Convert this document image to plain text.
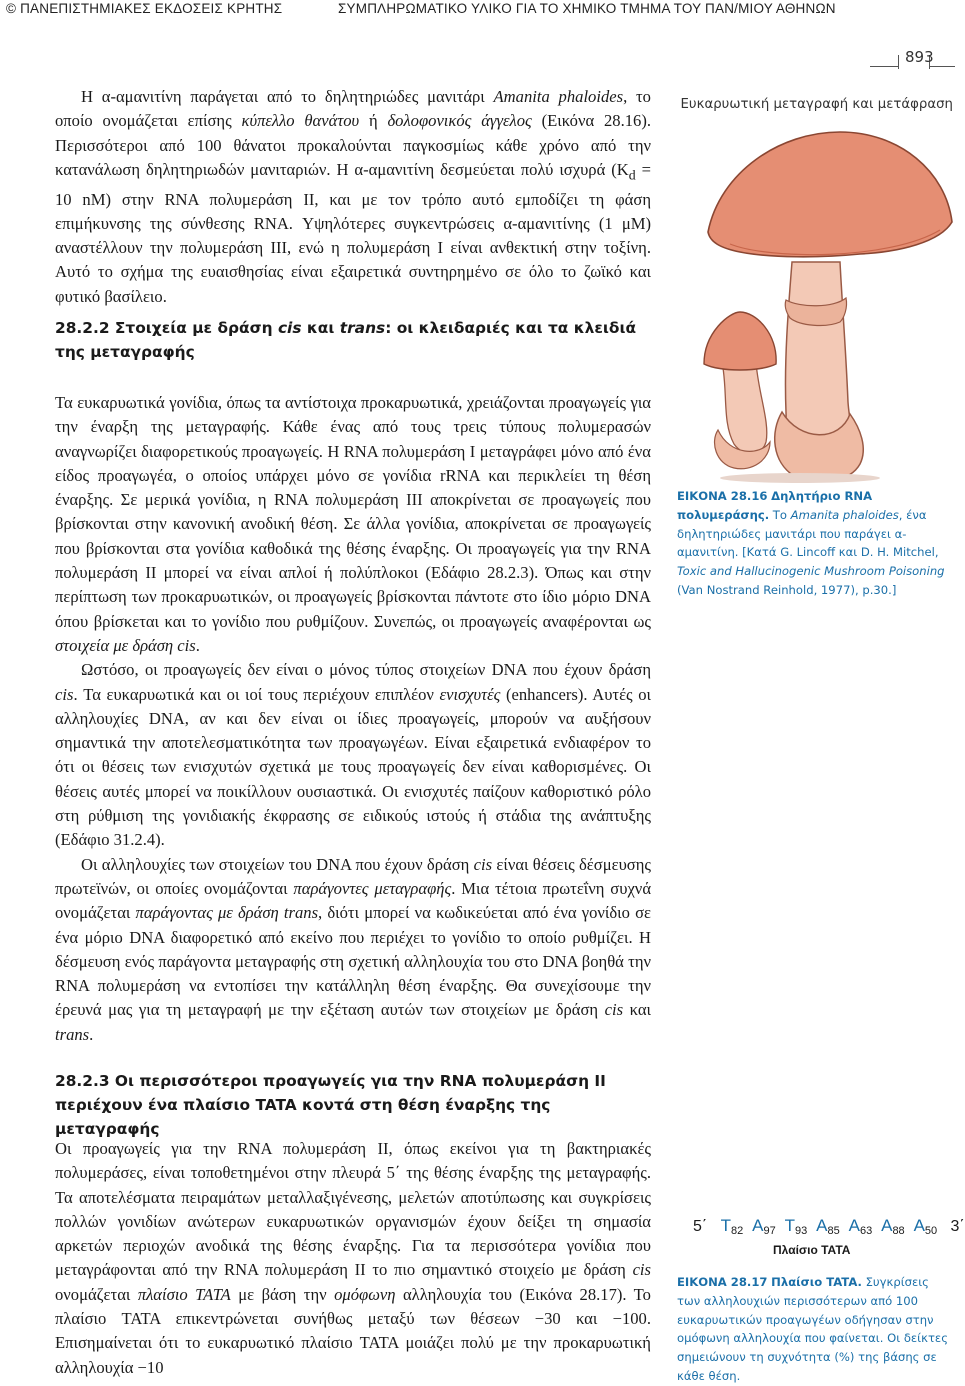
© ΠΑΝΕΠΙΣΤΗΜΙΑΚΕΣ ΕΚΔΟΣΕΙΣ ΚΡΗΤΗΣ	ΣΥΜΠΛΗΡΩΜΑΤΙΚΟ ΥΛΙΚΟ ΓΙΑ ΤΟ ΧΗΜΙΚΟ ΤΜΗΜΑ ΤΟΥ ΠΑΝ/ΜΙΟΥ ΑΘΗΝΩΝ
893
Ευκαρυωτική μεταγραφή και μετάφραση

Η α-αμανιτίνη παράγεται από το δηλητηριώδες μανιτάρι Amanita phaloides, το οποίο ονομάζεται επίσης κύπελλο θανάτου ή δολοφονικός άγγελος (Εικόνα 28.16). Περισσότεροι από 100 θάνατοι προκαλούνται παγκοσμίως κάθε χρόνο από την κατανάλωση δηλητηριωδών μανιταριών. Η α-αμανιτίνη δεσμεύεται πολύ ισχυρά ($K_d = 10$ nM) στην RNA πολυμεράση II, και με τον τρόπο αυτό εμποδίζει τη φάση επιμήκυνσης της σύνθεσης RNA. Υψηλότερες συγκεντρώσεις α-αμανιτίνης (1 μM) αναστέλλουν την πολυμεράση III, ενώ η πολυμεράση I είναι ανθεκτική στην τοξίνη. Αυτό το σχήμα της ευαισθησίας είναι εξαιρετικά συντηρημένο σε όλο το ζωϊκό και φυτικό βασίλειο.

28.2.2 Στοιχεία με δράση cis και trans: οι κλειδαριές και τα κλειδιά της μεταγραφής

Τα ευκαρυωτικά γονίδια, όπως τα αντίστοιχα προκαρυωτικά, χρειάζονται προαγωγείς για την έναρξη της μεταγραφής. Κάθε ένας από τους τρεις τύπους πολυμερασών αναγνωρίζει διαφορετικούς προαγωγείς. Η RNA πολυμεράση I μεταγράφει μόνο από ένα είδος προαγωγέα, ο οποίος υπάρχει μόνο σε γονίδια rRNA και περικλείει τη θέση έναρξης. Σε μερικά γονίδια, η RNA πολυμεράση III αποκρίνεται σε προαγωγείς που βρίσκονται στην κανονική ανοδική θέση. Σε άλλα γονίδια, αποκρίνεται σε προαγωγείς που βρίσκονται στα γονίδια καθοδικά της θέσης έναρξης. Οι προαγωγείς για την RNA πολυμεράση II μπορεί να είναι απλοί ή πολύπλοκοι (Εδάφιο 28.2.3). Όπως και στην περίπτωση των προκαρυωτικών, οι προαγωγείς βρίσκονται πάντοτε στο ίδιο μόριο DNA όπου βρίσκεται και το γονίδιο που ρυθμίζουν. Συνεπώς, οι προαγωγείς αναφέρονται ως στοιχεία με δράση cis.

Ωστόσο, οι προαγωγείς δεν είναι ο μόνος τύπος στοιχείων DNA που έχουν δράση cis. Τα ευκαρυωτικά και οι ιοί τους περιέχουν επιπλέον ενισχυτές (enhancers). Αυτές οι αλληλουχίες DNA, αν και δεν είναι οι ίδιες προαγωγείς, μπορούν να αυξήσουν σημαντικά την αποτελεσματικότητα των προαγωγέων. Είναι εξαιρετικά ενδιαφέρον το ότι οι θέσεις των ενισχυτών σχετικά με τους προαγωγείς δεν είναι καθορισμένες. Οι θέσεις αυτές μπορεί να ποικίλλουν ουσιαστικά. Οι ενισχυτές παίζουν καθοριστικό ρόλο στη ρύθμιση της γονιδιακής έκφρασης σε ειδικούς ιστούς ή στάδια της ανάπτυξης (Εδάφιο 31.2.4).

Οι αλληλουχίες των στοιχείων του DNA που έχουν δράση cis είναι θέσεις δέσμευσης πρωτεϊνών, οι οποίες ονομάζονται παράγοντες μεταγραφής. Μια τέτοια πρωτεΐνη συχνά ονομάζεται παράγοντας με δράση trans, διότι μπορεί να κωδικεύεται από ένα γονίδιο σε ένα μόριο DNA διαφορετικό από εκείνο που περιέχει το γονίδιο το οποίο ρυθμίζει. Η δέσμευση ενός παράγοντα μεταγραφής στη σχετική αλληλουχία του στο DNA βοηθά την RNA πολυμεράση να εντοπίσει την κατάλληλη θέση έναρξης. Θα συνεχίσουμε την έρευνά μας για τη μεταγραφή με την εξέταση αυτών των στοιχείων με δράση cis και trans.

28.2.3 Οι περισσότεροι προαγωγείς για την RNA πολυμεράση II περιέχουν ένα πλαίσιο TATA κοντά στη θέση έναρξης της μεταγραφής

Οι προαγωγείς για την RNA πολυμεράση II, όπως εκείνοι για τη βακτηριακές πολυμεράσες, είναι τοποθετημένοι στην πλευρά 5΄ της θέσης έναρξης της μεταγραφής. Τα αποτελέσματα πειραμάτων μεταλλαξιγένεσης, μελετών αποτύπωσης και συγκρίσεις πολλών γονιδίων ανώτερων ευκαρυωτικών οργανισμών έχουν δείξει τη σημασία αρκετών περιοχών ανοδικά της θέσης έναρξης. Για τα περισσότερα γονίδια που μεταγράφονται από την RNA πολυμεράση II το πιο σημαντικό στοιχείο με δράση cis ονομάζεται πλαίσιο TATA με βάση την ομόφωνη αλληλουχία του (Εικόνα 28.17). Το πλαίσιο TATA επικεντρώνεται συνήθως μεταξύ των θέσεων −30 και −100. Επισημαίνεται ότι το ευκαρυωτικό πλαίσιο TATA μοιάζει πολύ με την προκαρυωτική αλληλουχία −10

ΕΙΚΟΝΑ 28.16 Δηλητήριο RNA πολυμεράσης. Το Amanita phaloides, ένα δηλητηριώδες μανιτάρι που παράγει α-αμανιτίνη. [Κατά G. Lincoff και D. H. Mitchel, Toxic and Hallucinogenic Mushroom Poisoning (Van Nostrand Reinhold, 1977), p.30.]
5΄ $T_{82}$ $A_{97}$ $T_{93}$ $A_{85}$ $A_{63}$ $A_{88}$ $A_{50}$ 3΄
Πλαίσιο TATA
ΕΙΚΟΝΑ 28.17 Πλαίσιο TATA. Συγκρίσεις των αλληλουχιών περισσότερων από 100 ευκαρυωτικών προαγωγέων οδήγησαν στην ομόφωνη αλληλουχία που φαίνεται. Οι δείκτες σημειώνουν τη συχνότητα (%) της βάσης σε κάθε θέση.
